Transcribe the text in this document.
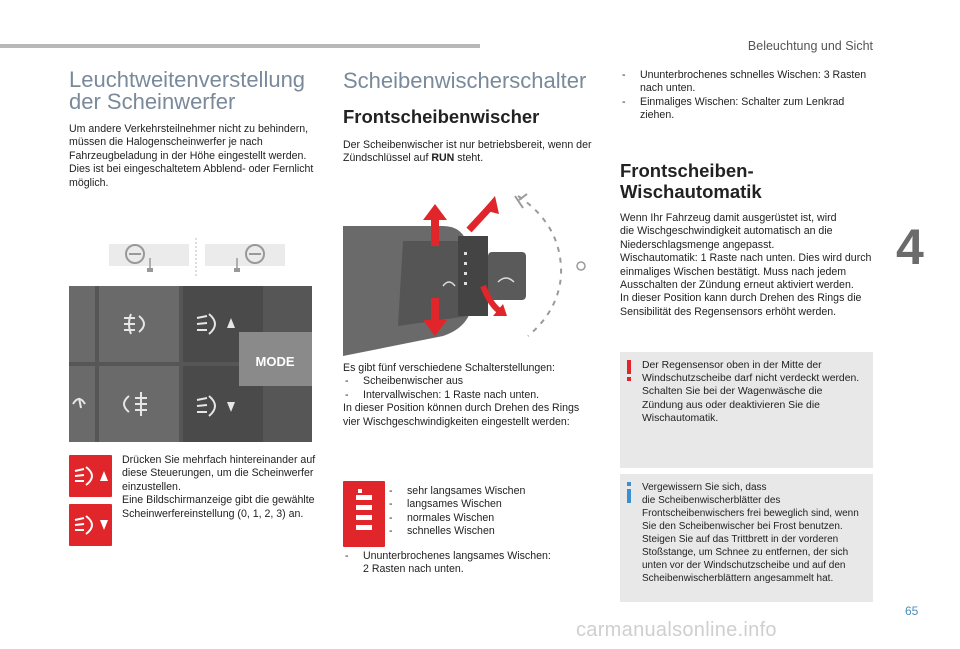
Beleuchtung und Sicht
4
Leuchtweitenverstellung
der Scheinwerfer
Um andere Verkehrsteilnehmer nicht zu behindern,
müssen die Halogenscheinwerfer je nach
Fahrzeugbeladung in der Höhe eingestellt werden.
Dies ist bei eingeschaltetem Abblend- oder Fernlicht
möglich.
MODE
Drücken Sie mehrfach hintereinander auf
diese Steuerungen, um die Scheinwerfer
einzustellen.
Eine Bildschirmanzeige gibt die gewählte
Scheinwerfereinstellung (0, 1, 2, 3) an.
Scheibenwischerschalter
Frontscheibenwischer
Der Scheibenwischer ist nur betriebsbereit, wenn der
Zündschlüssel auf RUN steht.
Es gibt fünf verschiedene Schalterstellungen:
- Scheibenwischer aus
- Intervallwischen: 1 Raste nach unten.
In dieser Position können durch Drehen des Rings
vier Wischgeschwindigkeiten eingestellt werden:
- sehr langsames Wischen
- langsames Wischen
- normales Wischen
- schnelles Wischen
- Ununterbrochenes langsames Wischen:
2 Rasten nach unten.
- Ununterbrochenes schnelles Wischen: 3 Rasten
nach unten.
- Einmaliges Wischen: Schalter zum Lenkrad
ziehen.
Frontscheiben-
Wischautomatik
Wenn Ihr Fahrzeug damit ausgerüstet ist, wird
die Wischgeschwindigkeit automatisch an die
Niederschlagsmenge angepasst.
Wischautomatik: 1 Raste nach unten. Dies wird durch
einmaliges Wischen bestätigt. Muss nach jedem
Ausschalten der Zündung erneut aktiviert werden.
In dieser Position kann durch Drehen des Rings die
Sensibilität des Regensensors erhöht werden.
Der Regensensor oben in der Mitte der
Windschutzscheibe darf nicht verdeckt werden.
Schalten Sie bei der Wagenwäsche die
Zündung aus oder deaktivieren Sie die
Wischautomatik.
Vergewissern Sie sich, dass
die Scheibenwischerblätter des
Frontscheibenwischers frei beweglich sind, wenn
Sie den Scheibenwischer bei Frost benutzen.
Steigen Sie auf das Trittbrett in der vorderen
Stoßstange, um Schnee zu entfernen, der sich
unten vor der Windschutzscheibe und auf den
Scheibenwischerblättern angesammelt hat.
65
carmanualsonline.info
